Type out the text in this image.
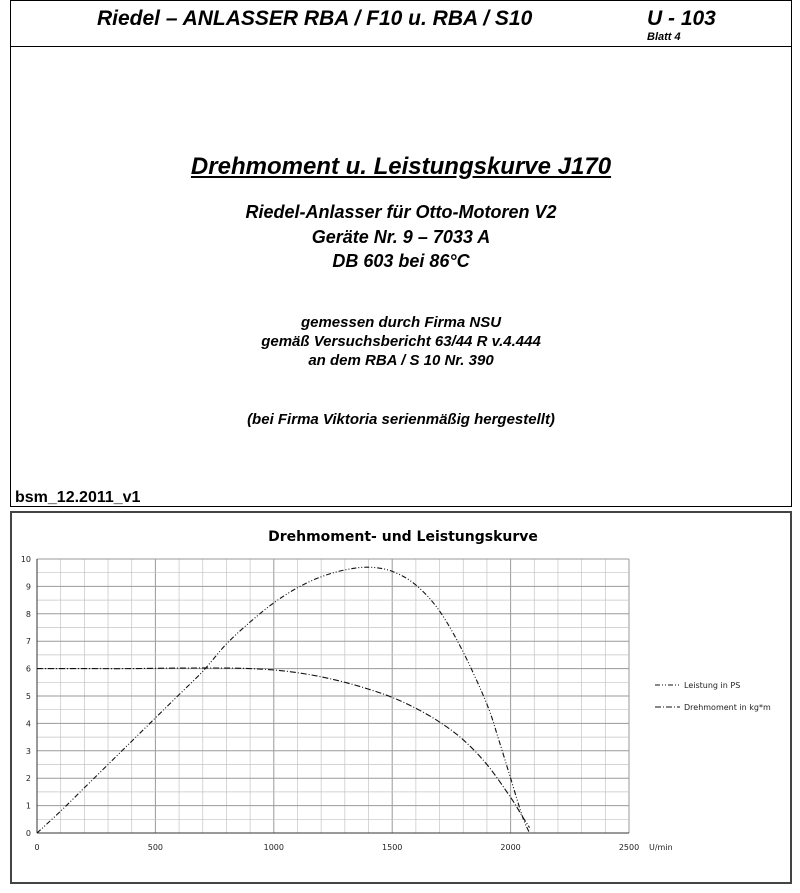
Riedel – ANLASSER RBA / F10 u. RBA / S10	U - 103
Blatt 4
Drehmoment u. Leistungskurve J170
Riedel-Anlasser für Otto-Motoren V2
Geräte Nr. 9 – 7033 A
DB 603 bei 86°C
gemessen durch Firma NSU
gemäß Versuchsbericht 63/44 R v.4.444
an dem RBA / S 10 Nr. 390
(bei Firma Viktoria serienmäßig hergestellt)
bsm_12.2011_v1
Drehmoment- und Leistungskurve
0	500	1000	1500	2000	2500
0
1
2
3
4
5
6
7
8
9
10
Leistung in PS
Drehmoment in kg*m
U/min
